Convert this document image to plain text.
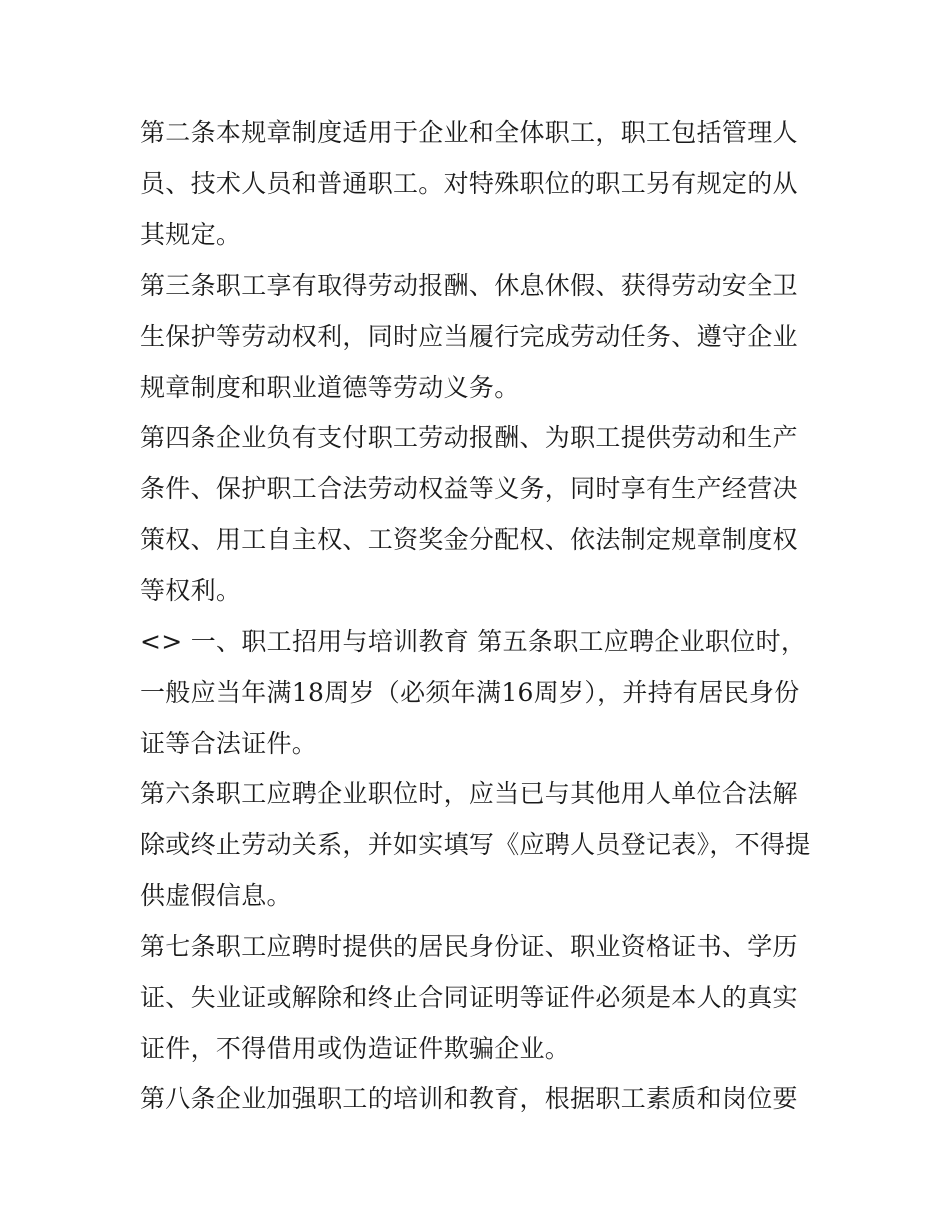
第二条本规章制度适用于企业和全体职工，职工包括管理人员、技术人员和普通职工。对特殊职位的职工另有规定的从其规定。

第三条职工享有取得劳动报酬、休息休假、获得劳动安全卫生保护等劳动权利，同时应当履行完成劳动任务、遵守企业规章制度和职业道德等劳动义务。

第四条企业负有支付职工劳动报酬、为职工提供劳动和生产条件、保护职工合法劳动权益等义务，同时享有生产经营决策权、用工自主权、工资奖金分配权、依法制定规章制度权等权利。

<> 一、职工招用与培训教育 第五条职工应聘企业职位时，一般应当年满18周岁（必须年满16周岁），并持有居民身份证等合法证件。

第六条职工应聘企业职位时，应当已与其他用人单位合法解除或终止劳动关系，并如实填写《应聘人员登记表》，不得提供虚假信息。

第七条职工应聘时提供的居民身份证、职业资格证书、学历证、失业证或解除和终止合同证明等证件必须是本人的真实证件，不得借用或伪造证件欺骗企业。

第八条企业加强职工的培训和教育，根据职工素质和岗位要
